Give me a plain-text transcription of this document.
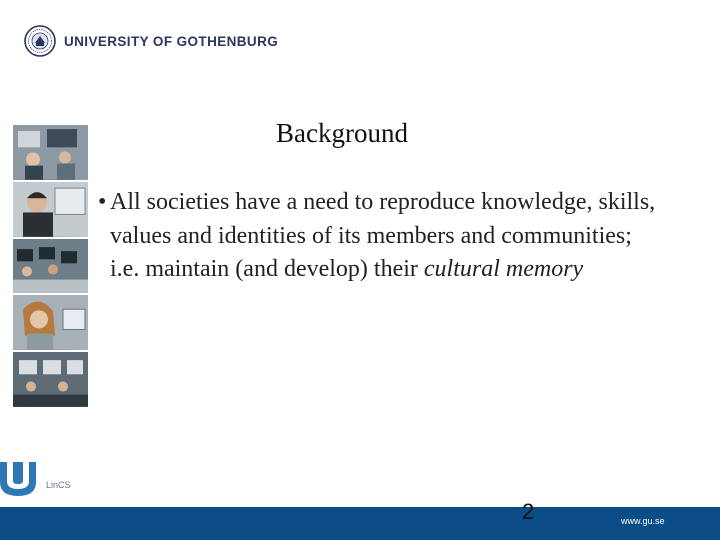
UNIVERSITY OF GOTHENBURG
Background
• All societies have a need to reproduce knowledge, skills, values and identities of its members and communities; i.e. maintain (and develop) their cultural memory
LinCS
2	www.gu.se
